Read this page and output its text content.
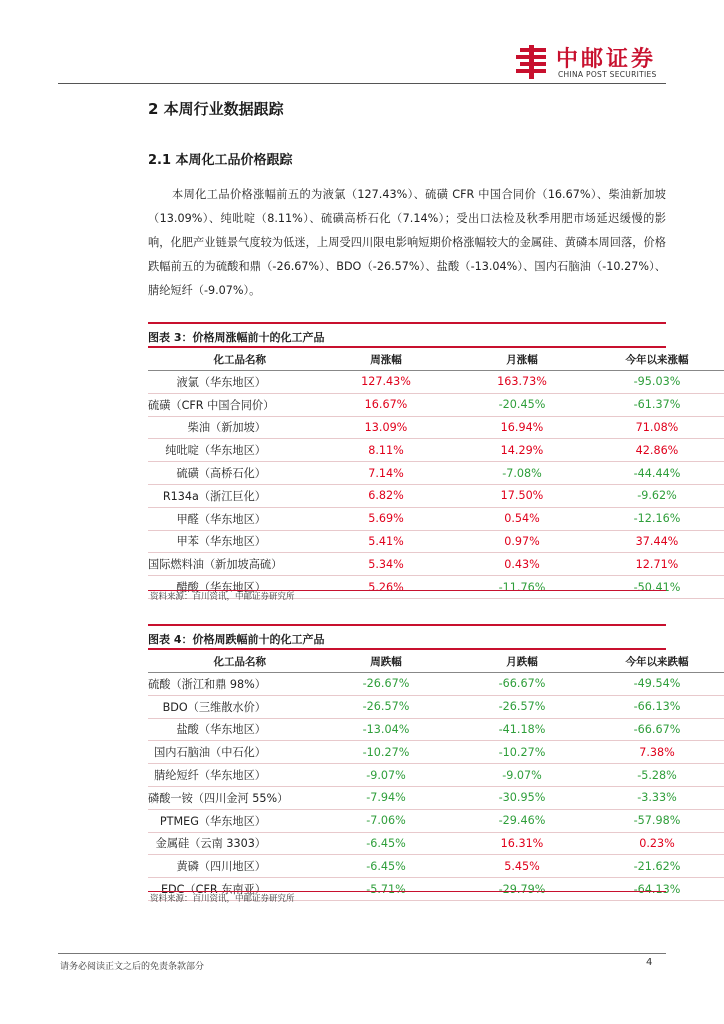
中邮证券
CHINA POST SECURITIES
2 本周行业数据跟踪
2.1 本周化工品价格跟踪
本周化工品价格涨幅前五的为液氯（127.43%）、硫磺 CFR 中国合同价（16.67%）、柴油新加坡（13.09%）、纯吡啶（8.11%）、硫磺高桥石化（7.14%）；受出口法检及秋季用肥市场延迟缓慢的影响，化肥产业链景气度较为低迷，上周受四川限电影响短期价格涨幅较大的金属硅、黄磷本周回落，价格跌幅前五的为硫酸和鼎（-26.67%）、BDO（-26.57%）、盐酸（-13.04%）、国内石脑油（-10.27%）、腈纶短纤（-9.07%）。
图表 3：价格周涨幅前十的化工产品
化工品名称	周涨幅	月涨幅	今年以来涨幅
液氯（华东地区）	127.43%	163.73%	-95.03%
硫磺（CFR 中国合同价）	16.67%	-20.45%	-61.37%
柴油（新加坡）	13.09%	16.94%	71.08%
纯吡啶（华东地区）	8.11%	14.29%	42.86%
硫磺（高桥石化）	7.14%	-7.08%	-44.44%
R134a（浙江巨化）	6.82%	17.50%	-9.62%
甲醛（华东地区）	5.69%	0.54%	-12.16%
甲苯（华东地区）	5.41%	0.97%	37.44%
国际燃料油（新加坡高硫）	5.34%	0.43%	12.71%
醋酸（华东地区）	5.26%	-11.76%	-50.41%
资料来源：百川资讯，中邮证券研究所
图表 4：价格周跌幅前十的化工产品
化工品名称	周跌幅	月跌幅	今年以来跌幅
硫酸（浙江和鼎 98%）	-26.67%	-66.67%	-49.54%
BDO（三维散水价）	-26.57%	-26.57%	-66.13%
盐酸（华东地区）	-13.04%	-41.18%	-66.67%
国内石脑油（中石化）	-10.27%	-10.27%	7.38%
腈纶短纤（华东地区）	-9.07%	-9.07%	-5.28%
磷酸一铵（四川金河 55%）	-7.94%	-30.95%	-3.33%
PTMEG（华东地区）	-7.06%	-29.46%	-57.98%
金属硅（云南 3303）	-6.45%	16.31%	0.23%
黄磷（四川地区）	-6.45%	5.45%	-21.62%
EDC（CFR 东南亚）	-5.71%	-29.79%	-64.13%
资料来源：百川资讯，中邮证券研究所
请务必阅读正文之后的免责条款部分	4
